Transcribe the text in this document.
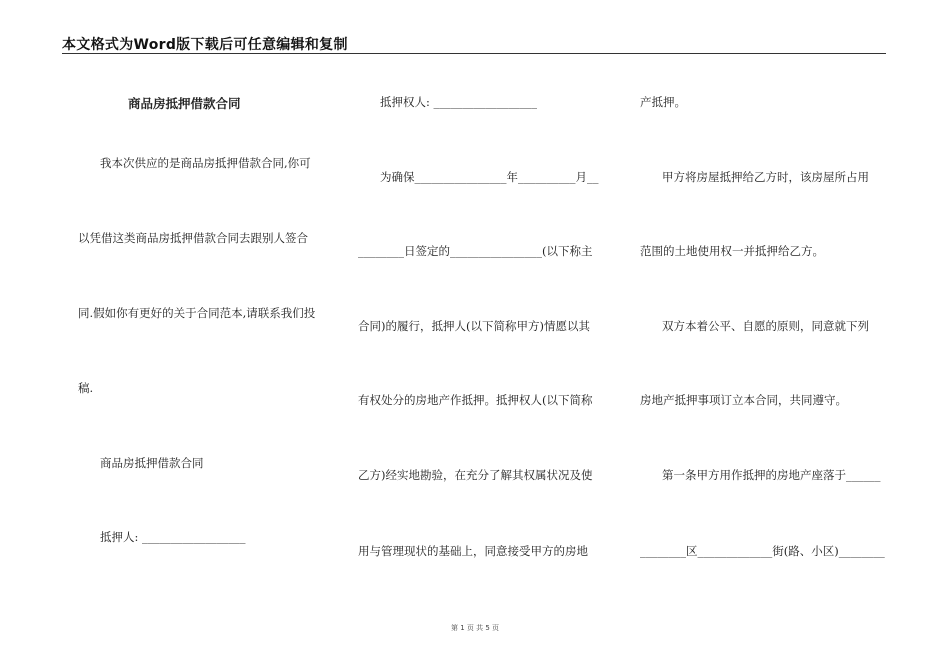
本文格式为Word版下载后可任意编辑和复制
商品房抵押借款合同
我本次供应的是商品房抵押借款合同,你可
以凭借这类商品房抵押借款合同去跟别人签合
同.假如你有更好的关于合同范本,请联系我们投
稿.
商品房抵押借款合同
抵押人: __________________
抵押权人: __________________
为确保________________年__________月__
________日签定的________________(以下称主
合同)的履行，抵押人(以下简称甲方)情愿以其
有权处分的房地产作抵押。抵押权人(以下简称
乙方)经实地勘验，在充分了解其权属状况及使
用与管理现状的基础上，同意接受甲方的房地
产抵押。
甲方将房屋抵押给乙方时，该房屋所占用
范围的土地使用权一并抵押给乙方。
双方本着公平、自愿的原则，同意就下列
房地产抵押事项订立本合同，共同遵守。
第一条甲方用作抵押的房地产座落于______
________区_____________街(路、小区)________
第 1 页 共 5 页
